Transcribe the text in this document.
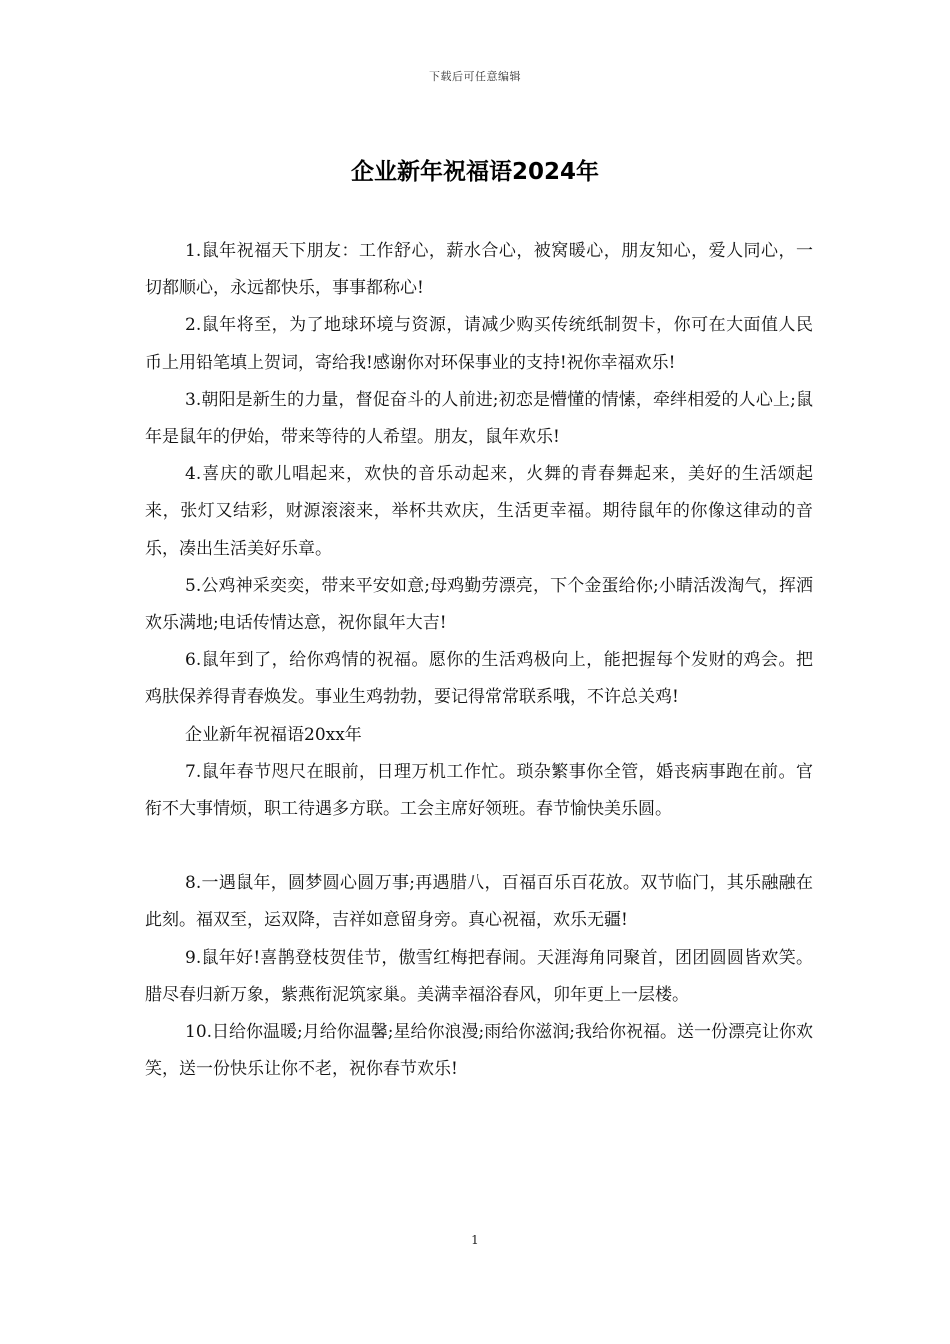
下载后可任意编辑
企业新年祝福语2024年

1.鼠年祝福天下朋友：工作舒心，薪水合心，被窝暖心，朋友知心，爱人同心，一切都顺心，永远都快乐，事事都称心!

2.鼠年将至，为了地球环境与资源，请减少购买传统纸制贺卡，你可在大面值人民币上用铅笔填上贺词，寄给我!感谢你对环保事业的支持!祝你幸福欢乐!

3.朝阳是新生的力量，督促奋斗的人前进;初恋是懵懂的情愫，牵绊相爱的人心上;鼠年是鼠年的伊始，带来等待的人希望。朋友，鼠年欢乐!

4.喜庆的歌儿唱起来，欢快的音乐动起来，火舞的青春舞起来，美好的生活颂起来，张灯又结彩，财源滚滚来，举杯共欢庆，生活更幸福。期待鼠年的你像这律动的音乐，凑出生活美好乐章。

5.公鸡神采奕奕，带来平安如意;母鸡勤劳漂亮，下个金蛋给你;小睛活泼淘气，挥洒欢乐满地;电话传情达意，祝你鼠年大吉!

6.鼠年到了，给你鸡情的祝福。愿你的生活鸡极向上，能把握每个发财的鸡会。把鸡肤保养得青春焕发。事业生鸡勃勃，要记得常常联系哦，不许总关鸡!

企业新年祝福语20xx年

7.鼠年春节咫尺在眼前，日理万机工作忙。琐杂繁事你全管，婚丧病事跑在前。官衔不大事情烦，职工待遇多方联。工会主席好领班。春节愉快美乐圆。

8.一遇鼠年，圆梦圆心圆万事;再遇腊八，百福百乐百花放。双节临门，其乐融融在此刻。福双至，运双降，吉祥如意留身旁。真心祝福，欢乐无疆!

9.鼠年好!喜鹊登枝贺佳节，傲雪红梅把春闹。天涯海角同聚首，团团圆圆皆欢笑。腊尽春归新万象，紫燕衔泥筑家巢。美满幸福浴春风，卯年更上一层楼。

10.日给你温暖;月给你温馨;星给你浪漫;雨给你滋润;我给你祝福。送一份漂亮让你欢笑，送一份快乐让你不老，祝你春节欢乐!

1
